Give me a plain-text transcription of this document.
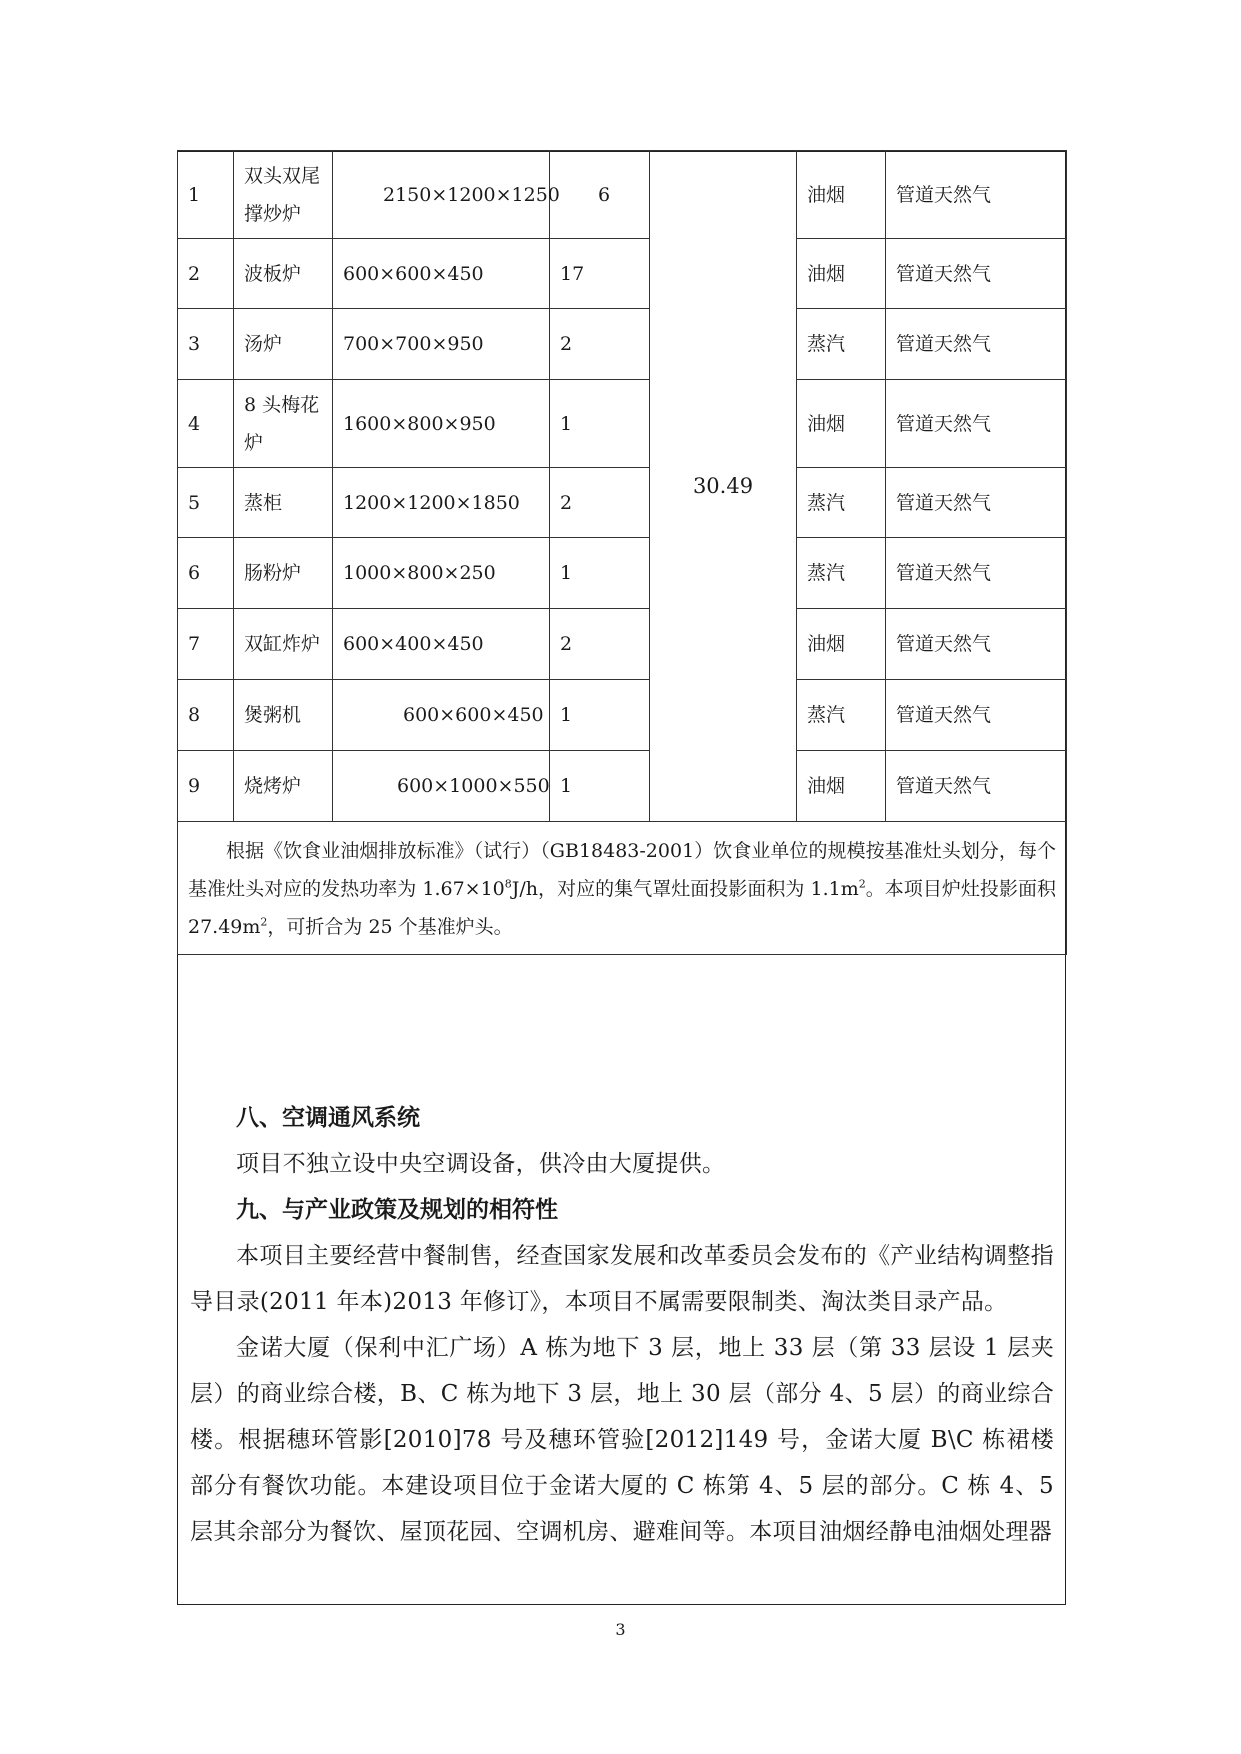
1	双头双尾撑炒炉	2150×1200×1250	6	30.49	油烟	管道天然气
2	波板炉	600×600×450	17		油烟	管道天然气
3	汤炉	700×700×950	2		蒸汽	管道天然气
4	8 头梅花炉	1600×800×950	1		油烟	管道天然气
5	蒸柜	1200×1200×1850	2		蒸汽	管道天然气
6	肠粉炉	1000×800×250	1		蒸汽	管道天然气
7	双缸炸炉	600×400×450	2		油烟	管道天然气
8	煲粥机	600×600×450	1		蒸汽	管道天然气
9	烧烤炉	600×1000×550	1		油烟	管道天然气

根据《饮食业油烟排放标准》（试行）（GB18483-2001）饮食业单位的规模按基准灶头划分，每个基准灶头对应的发热功率为 $1.67\times 10^8J/h$，对应的集气罩灶面投影面积为 $1.1m^2$。本项目炉灶投影面积 $27.49m^2$，可折合为 25 个基准炉头。						

八、空调通风系统

项目不独立设中央空调设备，供冷由大厦提供。

九、与产业政策及规划的相符性

本项目主要经营中餐制售，经查国家发展和改革委员会发布的《产业结构调整指导目录(2011 年本)2013 年修订》，本项目不属需要限制类、淘汰类目录产品。

金诺大厦（保利中汇广场）A 栋为地下 3 层，地上 33 层（第 33 层设 1 层夹层）的商业综合楼，B、C 栋为地下 3 层，地上 30 层（部分 4、5 层）的商业综合楼。根据穗环管影[2010]78 号及穗环管验[2012]149 号，金诺大厦 B\C 栋裙楼部分有餐饮功能。本建设项目位于金诺大厦的 C 栋第 4、5 层的部分。C 栋 4、5 层其余部分为餐饮、屋顶花园、空调机房、避难间等。本项目油烟经静电油烟处理器

3
